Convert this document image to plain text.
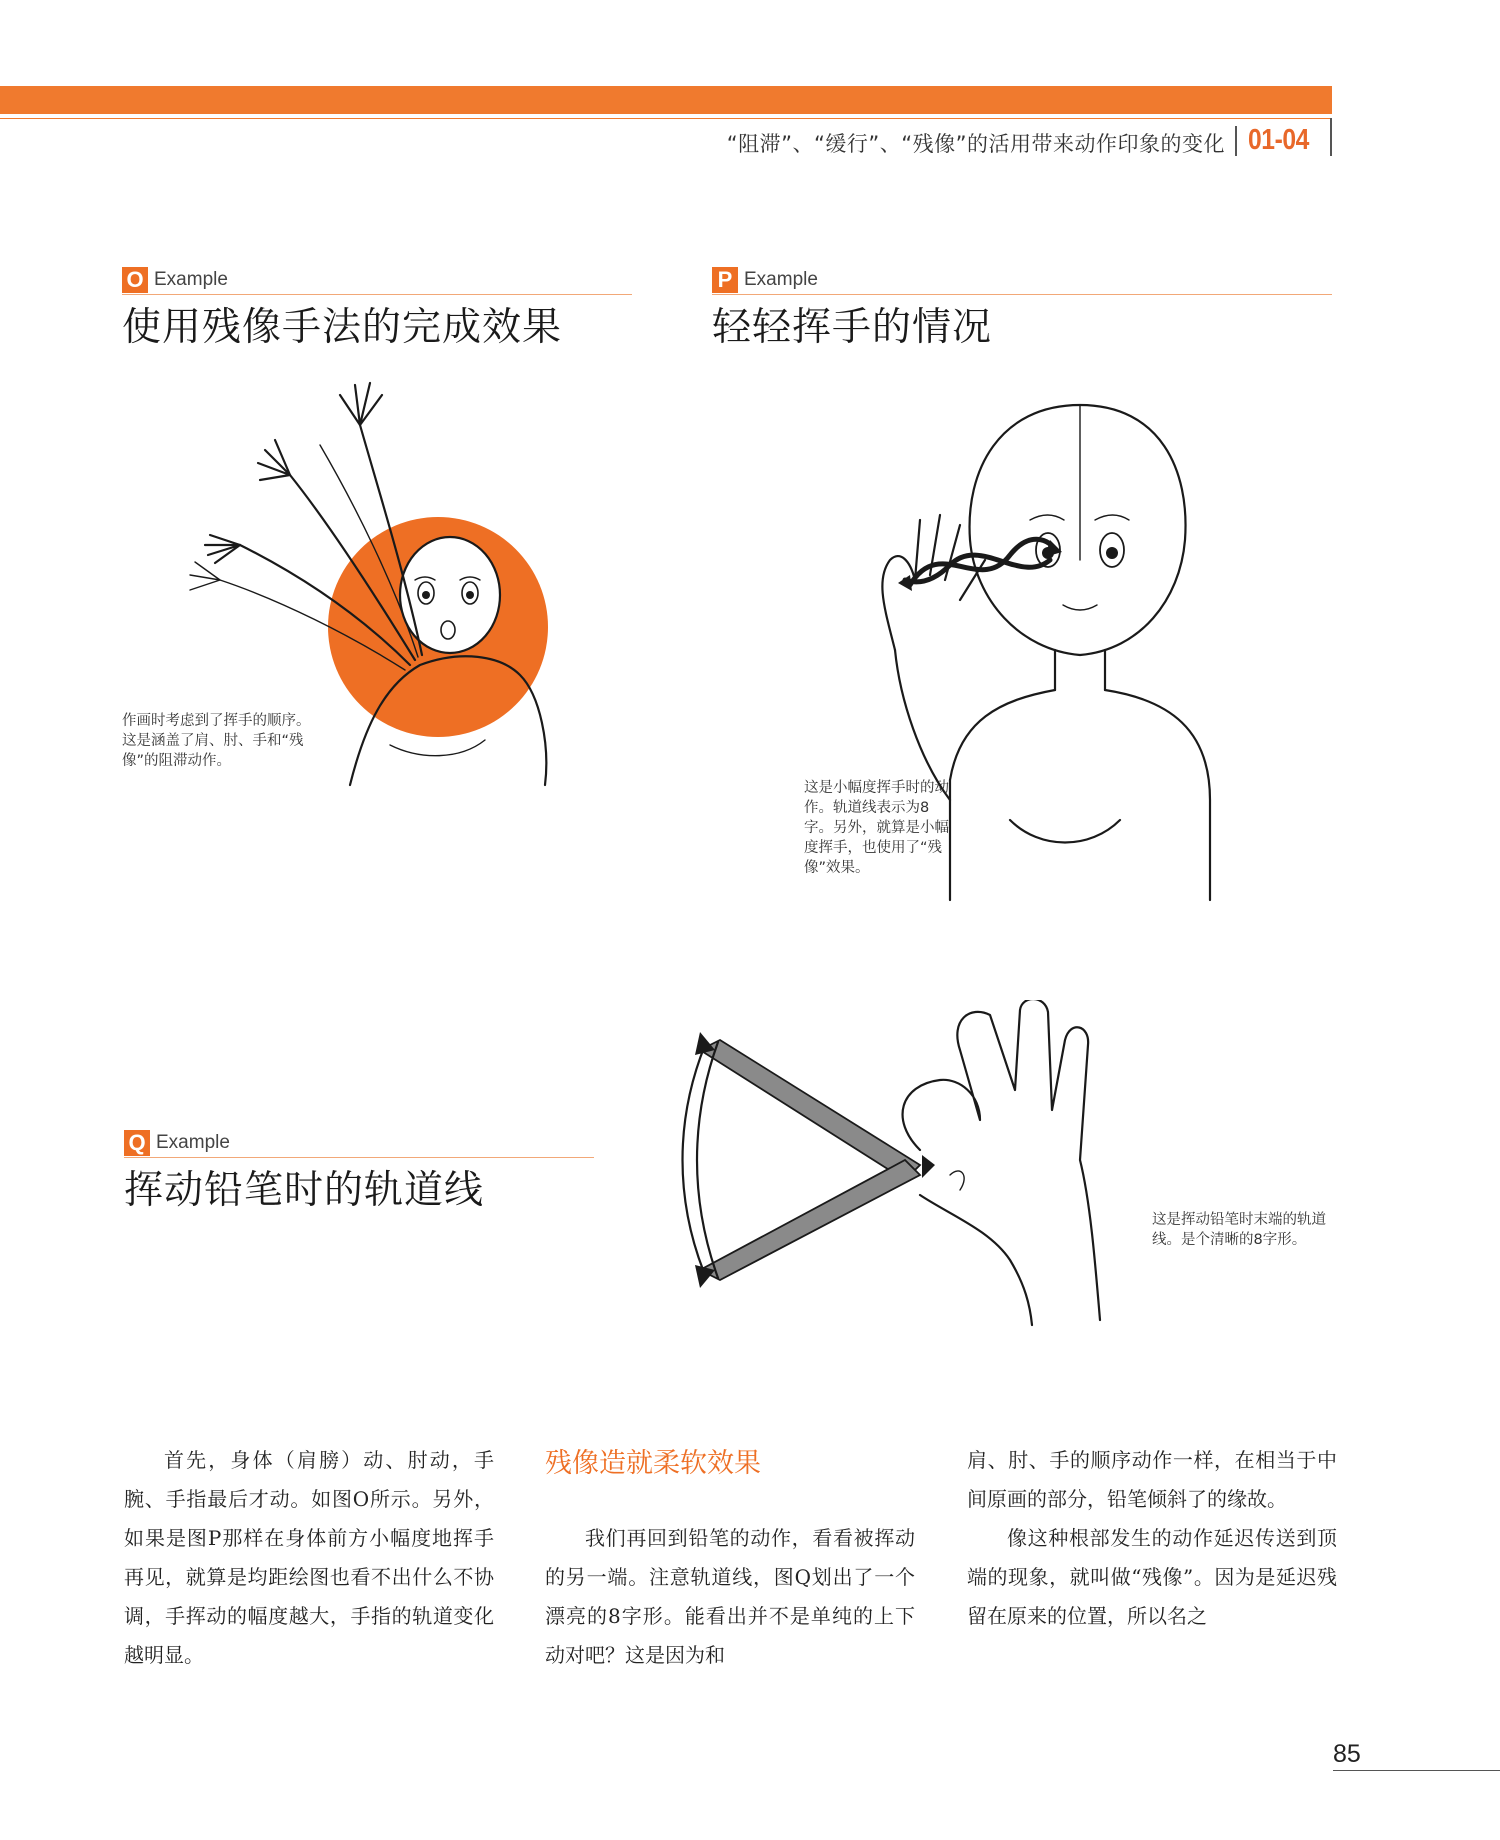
“阻滞”、“缓行”、“残像”的活用带来动作印象的变化 01-04
O Example
使用残像手法的完成效果
作画时考虑到了挥手的顺序。这是涵盖了肩、肘、手和“残像”的阻滞动作。
P Example
轻轻挥手的情况
这是小幅度挥手时的动作。轨道线表示为8字。另外，就算是小幅度挥手，也使用了“残像”效果。
Q Example
挥动铅笔时的轨道线
这是挥动铅笔时末端的轨道线。是个清晰的8字形。

首先，身体（肩膀）动、肘动，手腕、手指最后才动。如图O所示。另外，如果是图P那样在身体前方小幅度地挥手再见，就算是均距绘图也看不出什么不协调，手挥动的幅度越大，手指的轨道变化越明显。

残像造就柔软效果

我们再回到铅笔的动作，看看被挥动的另一端。注意轨道线，图Q划出了一个漂亮的8字形。能看出并不是单纯的上下动对吧？这是因为和

肩、肘、手的顺序动作一样，在相当于中间原画的部分，铅笔倾斜了的缘故。

像这种根部发生的动作延迟传送到顶端的现象，就叫做“残像”。因为是延迟残留在原来的位置，所以名之

85
